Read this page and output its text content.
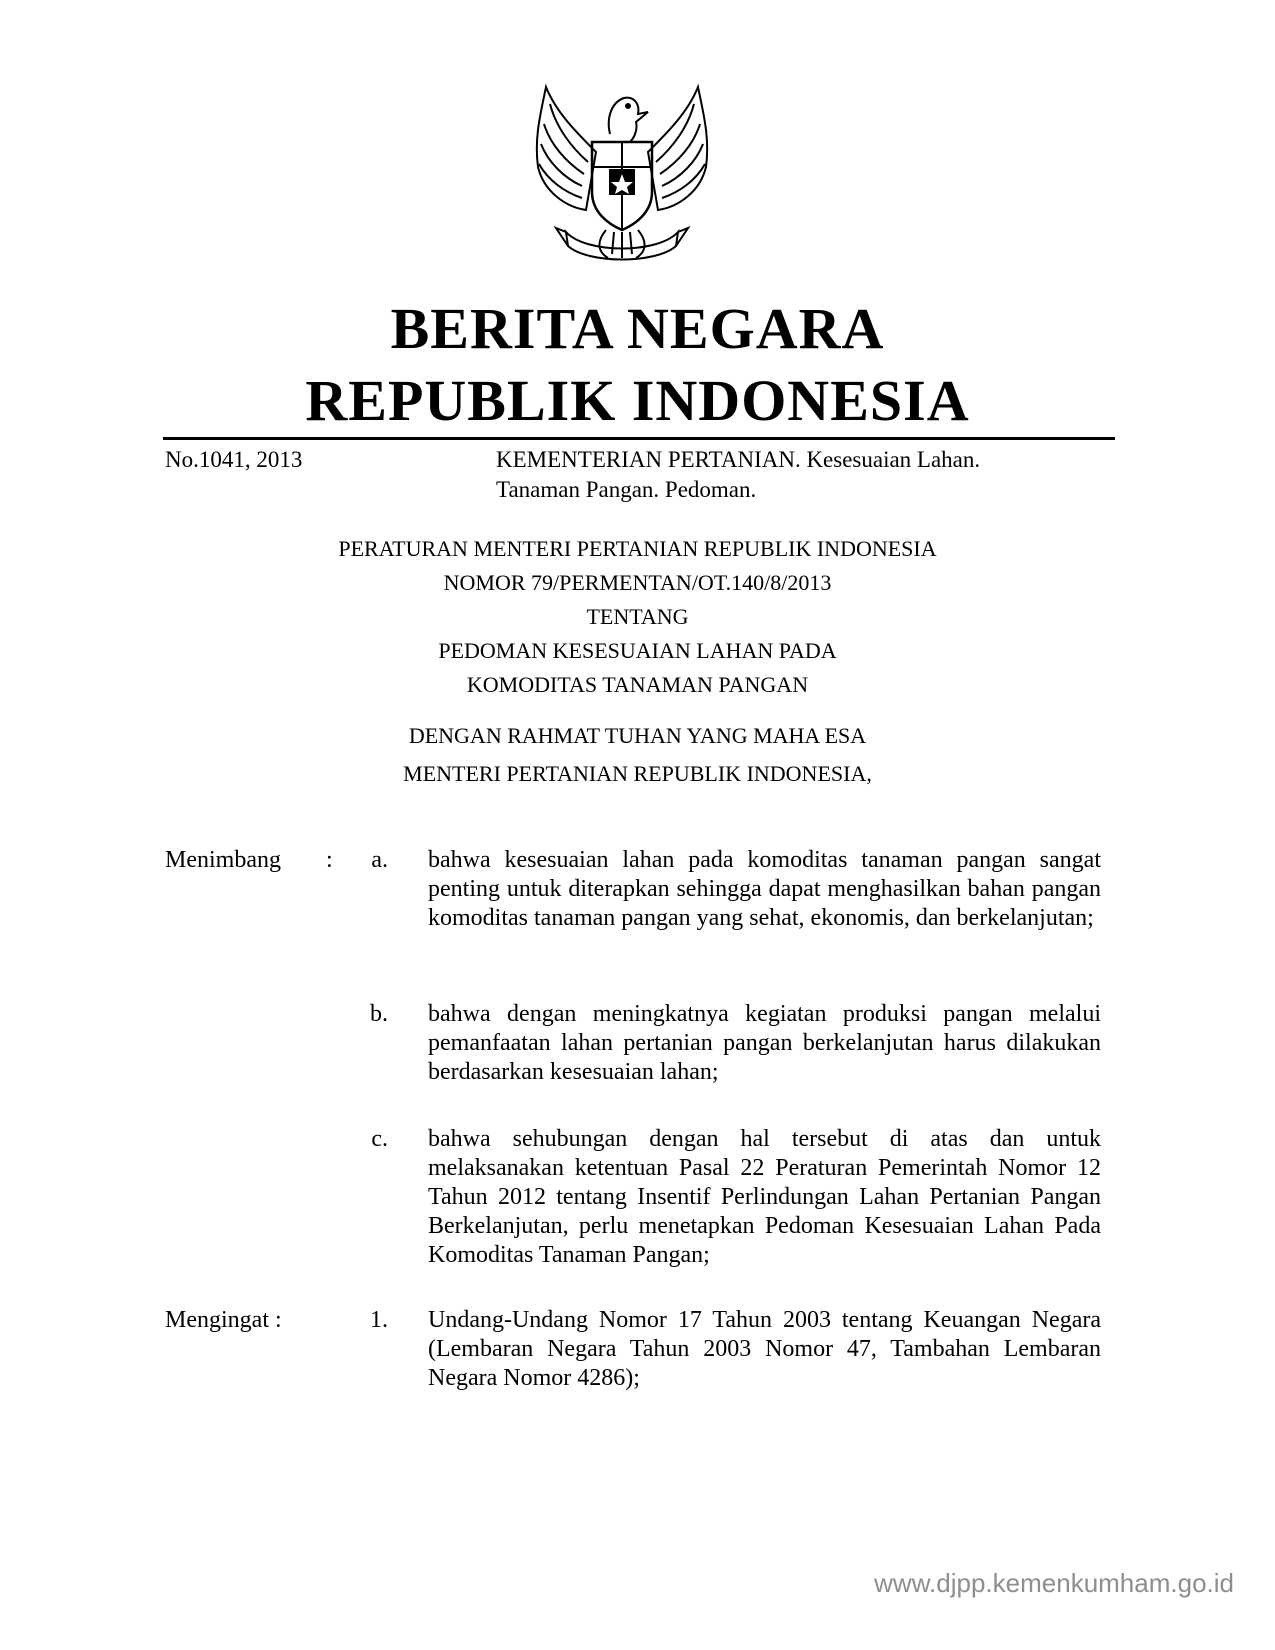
BERITA NEGARA
REPUBLIK INDONESIA
No.1041, 2013	KEMENTERIAN PERTANIAN. Kesesuaian Lahan.
Tanaman Pangan. Pedoman.
PERATURAN MENTERI PERTANIAN REPUBLIK INDONESIA
NOMOR 79/PERMENTAN/OT.140/8/2013
TENTANG
PEDOMAN KESESUAIAN LAHAN PADA
KOMODITAS TANAMAN PANGAN
DENGAN RAHMAT TUHAN YANG MAHA ESA
MENTERI PERTANIAN REPUBLIK INDONESIA,
Menimbang :	a. bahwa kesesuaian lahan pada komoditas tanaman pangan sangat penting untuk diterapkan sehingga dapat menghasilkan bahan pangan komoditas tanaman pangan yang sehat, ekonomis, dan berkelanjutan;
b. bahwa dengan meningkatnya kegiatan produksi pangan melalui pemanfaatan lahan pertanian pangan berkelanjutan harus dilakukan berdasarkan kesesuaian lahan;
c. bahwa sehubungan dengan hal tersebut di atas dan untuk melaksanakan ketentuan Pasal 22 Peraturan Pemerintah Nomor 12 Tahun 2012 tentang Insentif Perlindungan Lahan Pertanian Pangan Berkelanjutan, perlu menetapkan Pedoman Kesesuaian Lahan Pada Komoditas Tanaman Pangan;
Mengingat :	1. Undang-Undang Nomor 17 Tahun 2003 tentang Keuangan Negara (Lembaran Negara Tahun 2003 Nomor 47, Tambahan Lembaran Negara Nomor 4286);
www.djpp.kemenkumham.go.id
